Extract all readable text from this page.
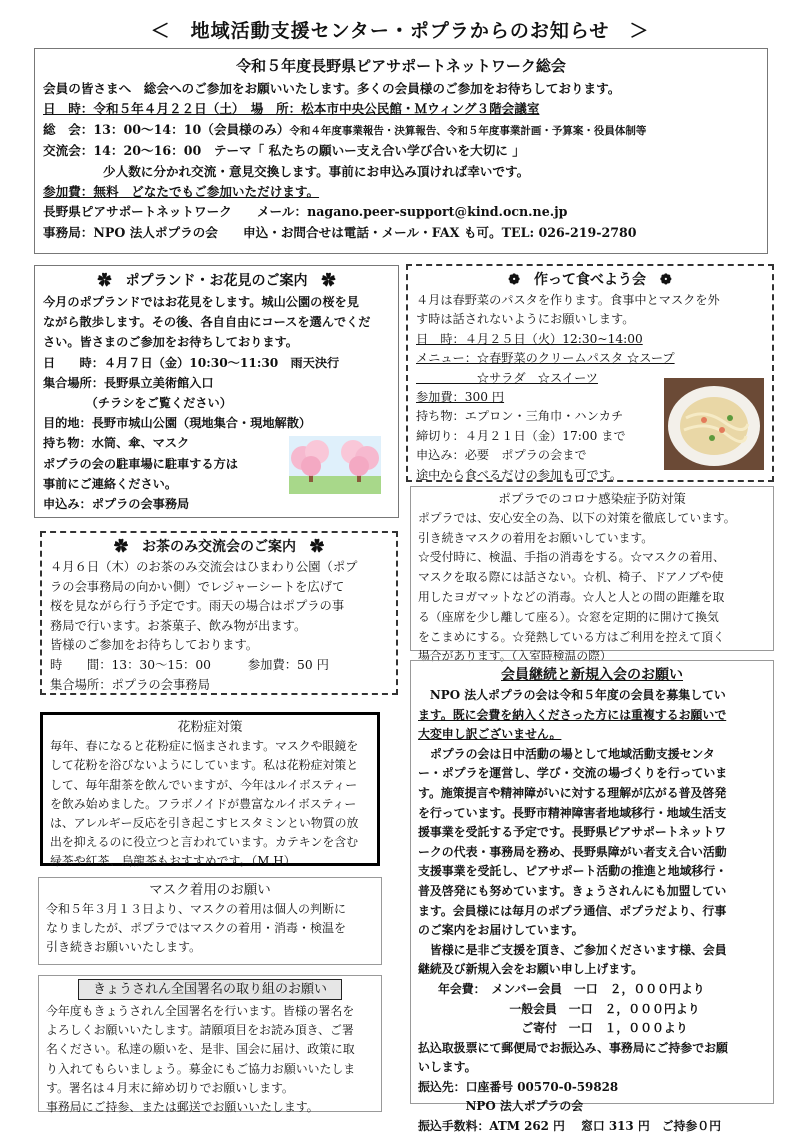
＜　地域活動支援センター・ポプラからのお知らせ　＞
令和５年度長野県ピアサポートネットワーク総会
会員の皆さまへ　総会へのご参加をお願いいたします。多くの会員様のご参加をお待ちしております。
日　時：令和５年４月２２日（土）　場　所：松本市中央公民館・Ｍウィング３階会議室
総　会：13：00～14：10（会員様のみ）令和４年度事業報告・決算報告、令和５年度事業計画・予算案・役員体制等
交流会：14：20～16：00　テーマ「 私たちの願いー支え合い学び合いを大切に 」
少人数に分かれ交流・意見交換します。事前にお申込み頂ければ幸いです。
参加費：無料　どなたでもご参加いただけます。
長野県ピアサポートネットワーク　　メール：nagano.peer-support@kind.ocn.ne.jp
事務局：NPO 法人ポプラの会　　申込・お問合せは電話・メール・FAX も可。TEL: 026-219-2780
✿　ポプランド・お花見のご案内　✿
今月のポプランドではお花見をします。城山公園の桜を見
ながら散歩します。その後、各自自由にコースを選んでくだ
さい。皆さまのご参加をお待ちしております。
日　　時：４月７日（金）10:30～11:30　雨天決行
集合場所：長野県立美術館入口
　　　　（チラシをご覧ください）
目的地：長野市城山公園（現地集合・現地解散）
持ち物：水筒、傘、マスク
ポプラの会の駐車場に駐車する方は
事前にご連絡ください。
申込み：ポプラの会事務局
❁　作って食べよう会　❁
４月は春野菜のパスタを作ります。食事中とマスクを外
す時は話されないようにお願いします。
日　時：４月２５日（火）12:30~14:00
メニュー：☆春野菜のクリームパスタ ☆スープ
　　　　　☆サラダ　☆スイーツ
参加費：300 円
持ち物：エプロン・三角巾・ハンカチ
締切り：４月２１日（金）17:00 まで
申込み：必要　ポプラの会まで
途中から食べるだけの参加も可です。
ポプラでのコロナ感染症予防対策
ポプラでは、安心安全の為、以下の対策を徹底しています。
引き続きマスクの着用をお願いしています。
☆受付時に、検温、手指の消毒をする。☆マスクの着用、
マスクを取る際には話さない。☆机、椅子、ドアノブや使
用したヨガマットなどの消毒。☆人と人との間の距離を取
る（座席を少し離して座る）。☆窓を定期的に開けて換気
をこまめにする。☆発熱している方はご利用を控えて頂く
場合があります。（入室時検温の際）
✿　お茶のみ交流会のご案内　✿
４月６日（木）のお茶のみ交流会はひまわり公園（ポプ
ラの会事務局の向かい側）でレジャーシートを広げて
桜を見ながら行う予定です。雨天の場合はポプラの事
務局で行います。お茶菓子、飲み物が出ます。
皆様のご参加をお待ちしております。
時　　間：13：30～15：00　　　参加費：50 円
集合場所：ポプラの会事務局
花粉症対策
毎年、春になると花粉症に悩まされます。マスクや眼鏡を
して花粉を浴びないようにしています。私は花粉症対策と
して、毎年甜茶を飲んでいますが、今年はルイボスティー
を飲み始めました。フラボノイドが豊富なルイボスティー
は、アレルギー反応を引き起こすヒスタミンとい物質の放
出を抑えるのに役立つと言われています。カテキンを含む
緑茶や紅茶、烏龍茶もおすすめです。（M.H）
マスク着用のお願い
令和５年３月１３日より、マスクの着用は個人の判断に
なりましたが、ポプラではマスクの着用・消毒・検温を
引き続きお願いいたします。
きょうされん全国署名の取り組のお願い
今年度もきょうされん全国署名を行います。皆様の署名を
よろしくお願いいたします。請願項目をお読み頂き、ご署
名ください。私達の願いを、是非、国会に届け、政策に取
り入れてもらいましょう。募金にもご協力お願いいたしま
す。署名は４月末に締め切りでお願いします。
事務局にご持参、または郵送でお願いいたします。
会員継続と新規入会のお願い
　NPO 法人ポプラの会は令和５年度の会員を募集してい
ます。既に会費を納入くださった方には重複するお願いで
大変申し訳ございません。
　ポプラの会は日中活動の場として地域活動支援センタ
ー・ポプラを運営し、学び・交流の場づくりを行っていま
す。施策提言や精神障がいに対する理解が広がる普及啓発
を行っています。長野市精神障害者地域移行・地域生活支
援事業を受託する予定です。長野県ピアサポートネットワ
ークの代表・事務局を務め、長野県障がい者支え合い活動
支援事業を受託し、ピアサポート活動の推進と地域移行・
普及啓発にも努めています。きょうされんにも加盟してい
ます。会員様には毎月のポプラ通信、ポプラだより、行事
のご案内をお届けしています。
　皆様に是非ご支援を頂き、ご参加くださいます様、会員
継続及び新規入会をお願い申し上げます。
年会費：　メンバー会員　一口　２，０００円より
　　　　　　一般会員　一口　２，０００円より
　　　　　　　ご寄付　一口　１，０００より
払込取扱票にて郵便局でお振込み、事務局にご持参でお願
いします。
振込先：口座番号 00570-0-59828
　　　　NPO 法人ポプラの会
振込手数料：ATM 262 円　 窓口 313 円　ご持参０円
